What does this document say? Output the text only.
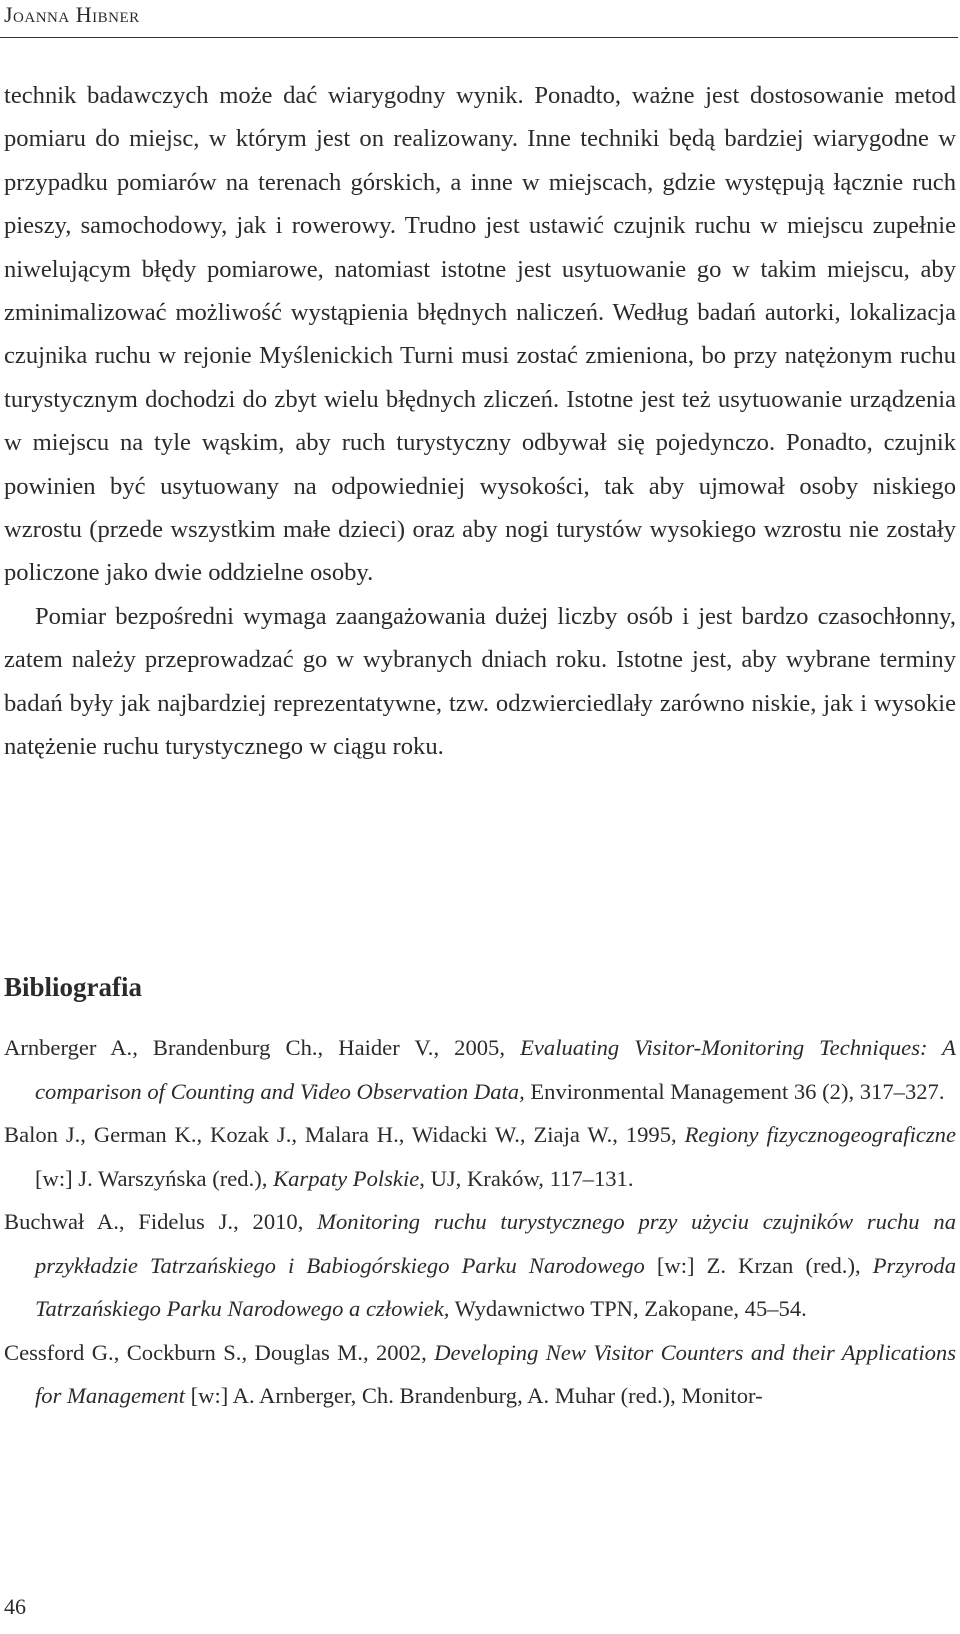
Joanna Hibner

technik badawczych może dać wiarygodny wynik. Ponadto, ważne jest dostosowanie metod pomiaru do miejsc, w którym jest on realizowany. Inne techniki będą bardziej wiarygodne w przypadku pomiarów na terenach górskich, a inne w miejscach, gdzie występują łącznie ruch pieszy, samochodowy, jak i rowerowy. Trudno jest ustawić czujnik ruchu w miejscu zupełnie niwelującym błędy pomiarowe, natomiast istotne jest usytuowanie go w takim miejscu, aby zminimalizować możliwość wystąpienia błędnych naliczeń. Według badań autorki, lokalizacja czujnika ruchu w rejonie Myślenickich Turni musi zostać zmieniona, bo przy natężonym ruchu turystycznym dochodzi do zbyt wielu błędnych zliczeń. Istotne jest też usytuowanie urządzenia w miejscu na tyle wąskim, aby ruch turystyczny odbywał się pojedynczo. Ponadto, czujnik powinien być usytuowany na odpowiedniej wysokości, tak aby ujmował osoby niskiego wzrostu (przede wszystkim małe dzieci) oraz aby nogi turystów wysokiego wzrostu nie zostały policzone jako dwie oddzielne osoby.

Pomiar bezpośredni wymaga zaangażowania dużej liczby osób i jest bardzo czasochłonny, zatem należy przeprowadzać go w wybranych dniach roku. Istotne jest, aby wybrane terminy badań były jak najbardziej reprezentatywne, tzw. odzwierciedlały zarówno niskie, jak i wysokie natężenie ruchu turystycznego w ciągu roku.

Bibliografia

Arnberger A., Brandenburg Ch., Haider V., 2005, Evaluating Visitor-Monitoring Techniques: A comparison of Counting and Video Observation Data, Environmental Management 36 (2), 317–327.

Balon J., German K., Kozak J., Malara H., Widacki W., Ziaja W., 1995, Regiony fizycznogeograficzne [w:] J. Warszyńska (red.), Karpaty Polskie, UJ, Kraków, 117–131.

Buchwał A., Fidelus J., 2010, Monitoring ruchu turystycznego przy użyciu czujników ruchu na przykładzie Tatrzańskiego i Babiogórskiego Parku Narodowego [w:] Z. Krzan (red.), Przyroda Tatrzańskiego Parku Narodowego a człowiek, Wydawnictwo TPN, Zakopane, 45–54.

Cessford G., Cockburn S., Douglas M., 2002, Developing New Visitor Counters and their Applications for Management [w:] A. Arnberger, Ch. Brandenburg, A. Muhar (red.), Monitor-

46
